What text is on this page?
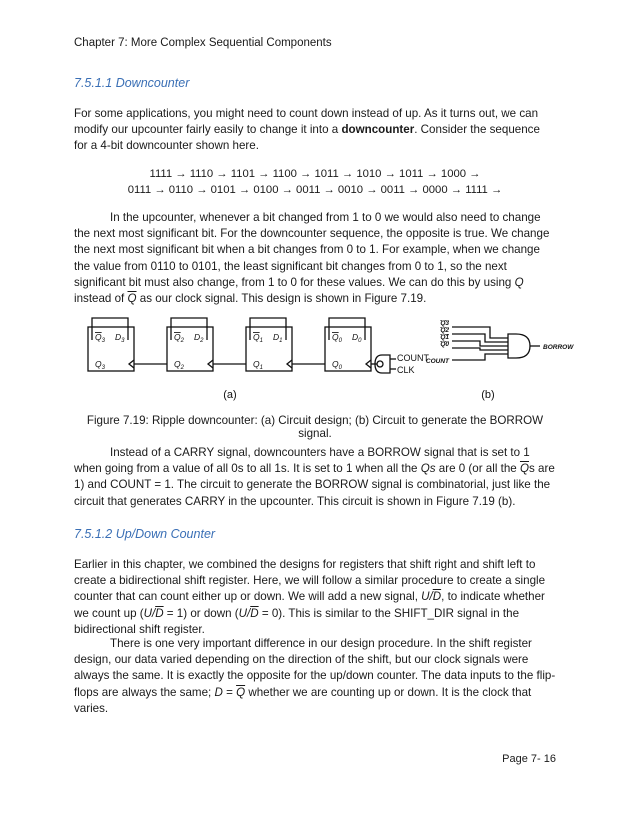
Chapter 7: More Complex Sequential Components
7.5.1.1 Downcounter
For some applications, you might need to count down instead of up. As it turns out, we can modify our upcounter fairly easily to change it into a downcounter. Consider the sequence for a 4-bit downcounter shown here.
1111 → 1110 → 1101 → 1100 → 1011 → 1010 → 1011 → 1000 →
0111 → 0110 → 0101 → 0100 → 0011 → 0010 → 0011 → 0000 → 1111 →
In the upcounter, whenever a bit changed from 1 to 0 we would also need to change the next most significant bit. For the downcounter sequence, the opposite is true. We change the next most significant bit when a bit changes from 0 to 1. For example, when we change the value from 0110 to 0101, the least significant bit changes from 0 to 1, so the next significant bit must also change, from 1 to 0 for these values. We can do this by using Q instead of $\overline{Q}$ as our clock signal. This design is shown in Figure 7.19.
$Q_3$ $D_3$
$Q_3$
$Q_2$ $D_2$
$Q_2$
$Q_1$ $D_1$
$Q_1$
$Q_0$ $D_0$
$Q_0$
COUNT
CLK
Q3
Q2
Q1
Q0
COUNT
BORROW
(a)	(b)
Figure 7.19: Ripple downcounter: (a) Circuit design; (b) Circuit to generate the BORROW signal.
Instead of a CARRY signal, downcounters have a BORROW signal that is set to 1 when going from a value of all 0s to all 1s. It is set to 1 when all the Qs are 0 (or all the $\overline{Q}s$ are 1) and COUNT = 1. The circuit to generate the BORROW signal is combinatorial, just like the circuit that generates CARRY in the upcounter. This circuit is shown in Figure 7.19 (b).
7.5.1.2 Up/Down Counter
Earlier in this chapter, we combined the designs for registers that shift right and shift left to create a bidirectional shift register. Here, we will follow a similar procedure to create a single counter that can count either up or down. We will add a new signal, $U/\overline{D}$, to indicate whether we count up $(U/\overline{D} = 1)$ or down $(U/\overline{D} = 0)$. This is similar to the SHIFT_DIR signal in the bidirectional shift register.
There is one very important difference in our design procedure. In the shift register design, our data varied depending on the direction of the shift, but our clock signals were always the same. It is exactly the opposite for the up/down counter. The data inputs to the flip-flops are always the same; $D = \overline{Q}$ whether we are counting up or down. It is the clock that varies.
Page 7- 16
